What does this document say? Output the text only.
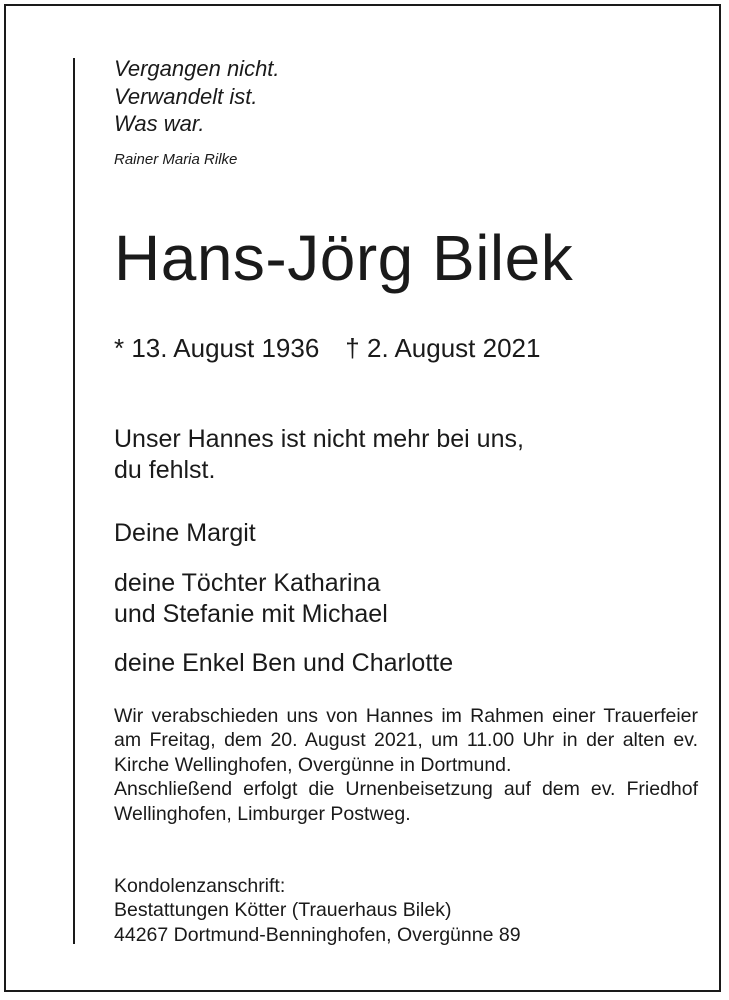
Vergangen nicht.
Verwandelt ist.
Was war.
Rainer Maria Rilke
Hans-Jörg Bilek
* 13. August 1936 † 2. August 2021
Unser Hannes ist nicht mehr bei uns,
du fehlst.
Deine Margit
deine Töchter Katharina
und Stefanie mit Michael
deine Enkel Ben und Charlotte

Wir verabschieden uns von Hannes im Rahmen einer Trauerfeier am Freitag, dem 20. August 2021, um 11.00 Uhr in der alten ev. Kirche Wellinghofen, Overgünne in Dortmund.

Anschließend erfolgt die Urnenbeisetzung auf dem ev. Friedhof Wellinghofen, Limburger Postweg.

Kondolenzanschrift:
Bestattungen Kötter (Trauerhaus Bilek)
44267 Dortmund-Benninghofen, Overgünne 89
